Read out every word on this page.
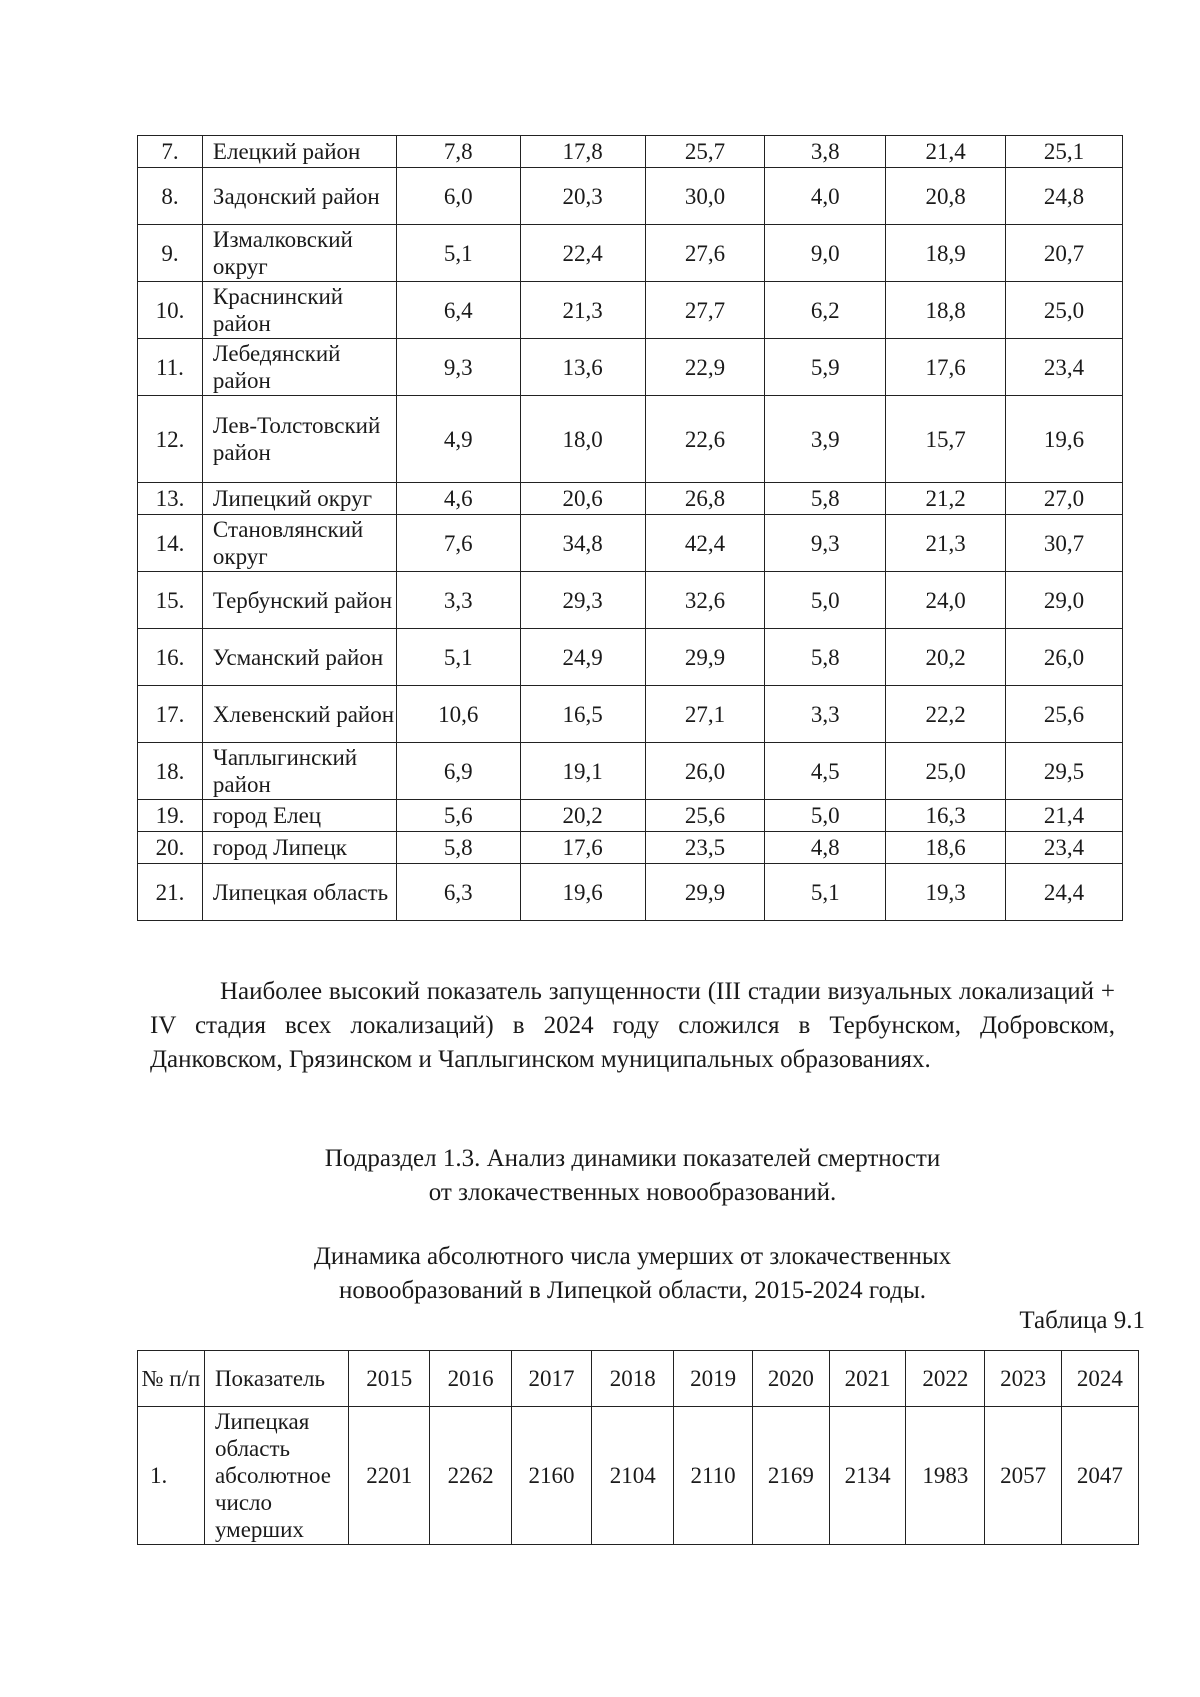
7.	Елецкий район	7,8	17,8	25,7	3,8	21,4	25,1
8.	Задонский район	6,0	20,3	30,0	4,0	20,8	24,8
9.	Измалковский округ	5,1	22,4	27,6	9,0	18,9	20,7
10.	Краснинский район	6,4	21,3	27,7	6,2	18,8	25,0
11.	Лебедянский район	9,3	13,6	22,9	5,9	17,6	23,4
12.	Лев-Толстовский район	4,9	18,0	22,6	3,9	15,7	19,6
13.	Липецкий округ	4,6	20,6	26,8	5,8	21,2	27,0
14.	Становлянский округ	7,6	34,8	42,4	9,3	21,3	30,7
15.	Тербунский район	3,3	29,3	32,6	5,0	24,0	29,0
16.	Усманский район	5,1	24,9	29,9	5,8	20,2	26,0
17.	Хлевенский район	10,6	16,5	27,1	3,3	22,2	25,6
18.	Чаплыгинский район	6,9	19,1	26,0	4,5	25,0	29,5
19.	город Елец	5,6	20,2	25,6	5,0	16,3	21,4
20.	город Липецк	5,8	17,6	23,5	4,8	18,6	23,4
21.	Липецкая область	6,3	19,6	29,9	5,1	19,3	24,4

Наиболее высокий показатель запущенности (III стадии визуальных локализаций + IV стадия всех локализаций) в 2024 году сложился в Тербунском, Добровском, Данковском, Грязинском и Чаплыгинском муниципальных образованиях.

Подраздел 1.3. Анализ динамики показателей смертности
от злокачественных новообразований.
Динамика абсолютного числа умерших от злокачественных
новообразований в Липецкой области, 2015-2024 годы.
Таблица 9.1
№ п/п	Показатель	2015	2016	2017	2018	2019	2020	2021	2022	2023	2024
1.	Липецкая область абсолютное число умерших	2201	2262	2160	2104	2110	2169	2134	1983	2057	2047
